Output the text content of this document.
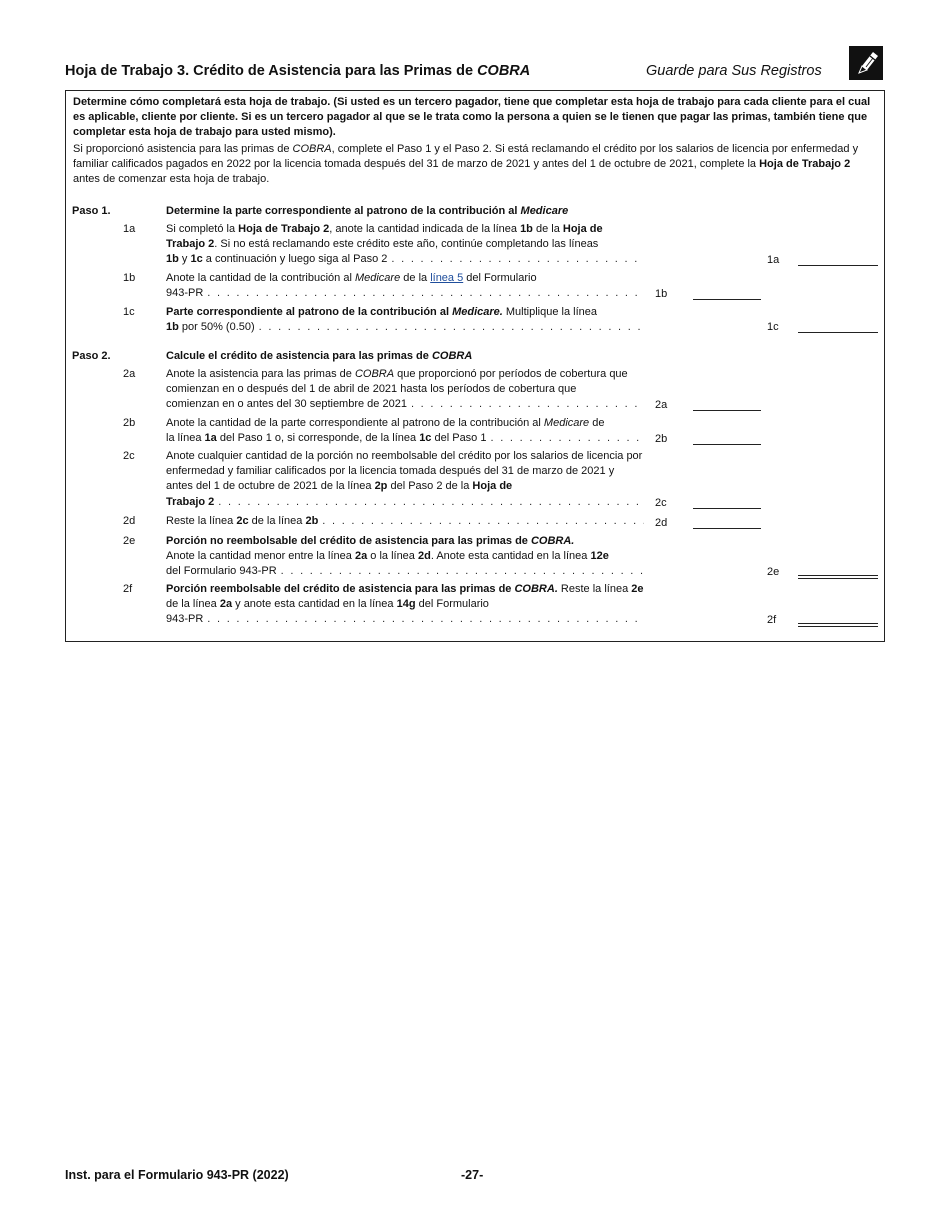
Hoja de Trabajo 3. Crédito de Asistencia para las Primas de COBRA	Guarde para Sus Registros
Determine cómo completará esta hoja de trabajo. (Si usted es un tercero pagador, tiene que completar esta hoja de trabajo para cada cliente para el cual es aplicable, cliente por cliente. Si es un tercero pagador al que se le trata como la persona a quien se le tienen que pagar las primas, también tiene que completar esta hoja de trabajo para usted mismo).
Si proporcionó asistencia para las primas de COBRA, complete el Paso 1 y el Paso 2. Si está reclamando el crédito por los salarios de licencia por enfermedad y familiar calificados pagados en 2022 por la licencia tomada después del 31 de marzo de 2021 y antes del 1 de octubre de 2021, complete la Hoja de Trabajo 2 antes de comenzar esta hoja de trabajo.
Paso 1.	Determine la parte correspondiente al patrono de la contribución al Medicare
1a	Si completó la Hoja de Trabajo 2, anote la cantidad indicada de la línea 1b de la Hoja de Trabajo 2. Si no está reclamando este crédito este año, continúe completando las líneas
1b y 1c a continuación y luego siga al Paso 2 . . .	1a
1b	Anote la cantidad de la contribución al Medicare de la línea 5 del Formulario
943-PR . . .	1b
1c	Parte correspondiente al patrono de la contribución al Medicare. Multiplique la línea
1b por 50% (0.50) . . .	1c
Paso 2.	Calcule el crédito de asistencia para las primas de COBRA
2a	Anote la asistencia para las primas de COBRA que proporcionó por períodos de cobertura que comienzan en o después del 1 de abril de 2021 hasta los períodos de cobertura que
comienzan en o antes del 30 septiembre de 2021 . . .	2a
2b	Anote la cantidad de la parte correspondiente al patrono de la contribución al Medicare de
la línea 1a del Paso 1 o, si corresponde, de la línea 1c del Paso 1 . . .	2b
2c	Anote cualquier cantidad de la porción no reembolsable del crédito por los salarios de licencia por enfermedad y familiar calificados por la licencia tomada después del 31 de marzo de 2021 y antes del 1 de octubre de 2021 de la línea 2p del Paso 2 de la Hoja de
Trabajo 2 . . .	2c
2d	Reste la línea 2c de la línea 2b . . .	2d
2e	Porción no reembolsable del crédito de asistencia para las primas de COBRA.
Anote la cantidad menor entre la línea 2a o la línea 2d. Anote esta cantidad en la línea 12e
del Formulario 943-PR . . .	2e
2f	Porción reembolsable del crédito de asistencia para las primas de COBRA. Reste la línea 2e de la línea 2a y anote esta cantidad en la línea 14g del Formulario
943-PR . . .	2f
Inst. para el Formulario 943-PR (2022)	-27-
